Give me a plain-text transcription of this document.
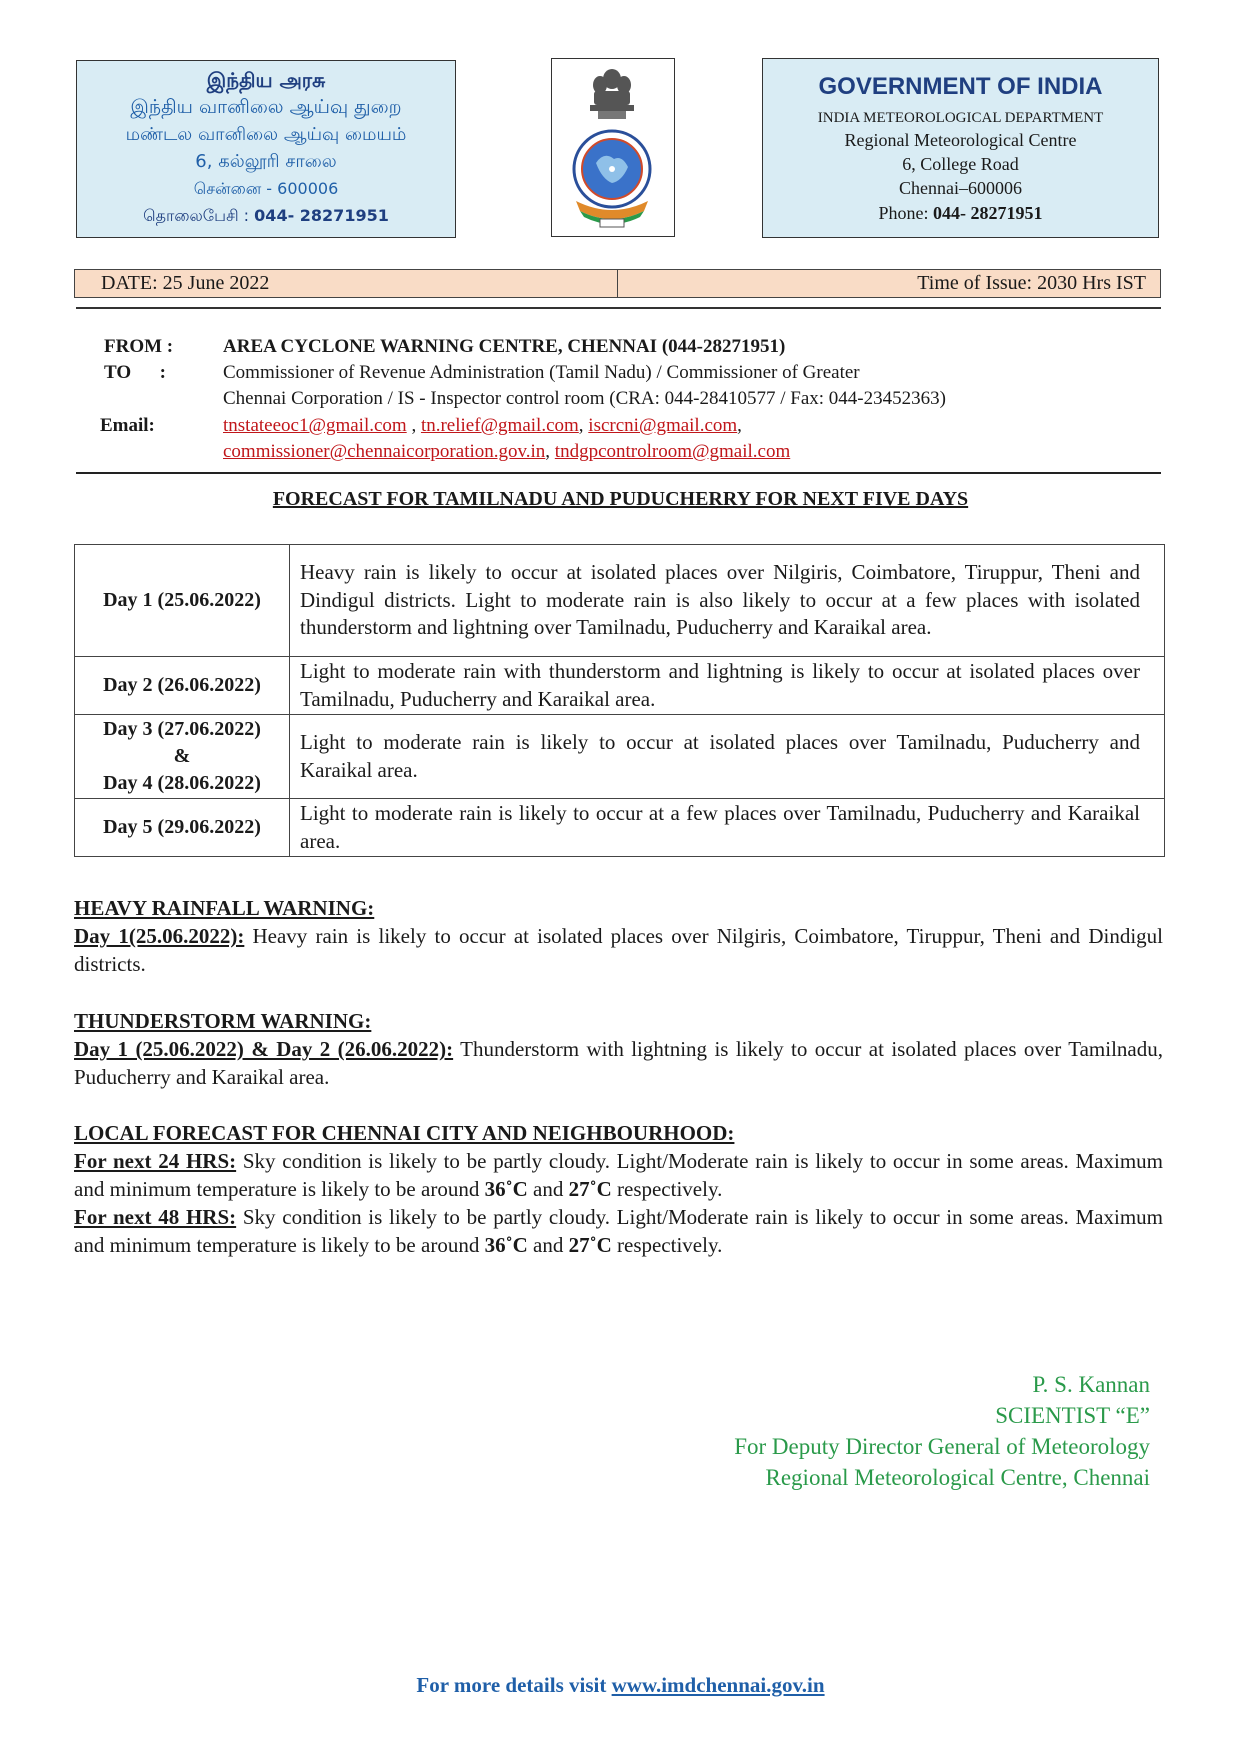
இந்திய அரசு
இந்திய வானிலை ஆய்வு துறை
மண்டல வானிலை ஆய்வு மையம்
6, கல்லூரி சாலை
சென்னை - 600006
தொலைபேசி : 044- 28271951
GOVERNMENT OF INDIA
INDIA METEOROLOGICAL DEPARTMENT
Regional Meteorological Centre
6, College Road
Chennai–600006
Phone: 044- 28271951
DATE: 25 June 2022	Time of Issue: 2030 Hrs IST
FROM :	AREA CYCLONE WARNING CENTRE, CHENNAI (044-28271951)
TO      :	Commissioner of Revenue Administration (Tamil Nadu) / Commissioner of Greater
Chennai Corporation / IS - Inspector control room (CRA: 044-28410577 / Fax: 044-23452363)
Email:	tnstateeoc1@gmail.com , tn.relief@gmail.com, iscrcni@gmail.com,
commissioner@chennaicorporation.gov.in, tndgpcontrolroom@gmail.com
FORECAST FOR TAMILNADU AND PUDUCHERRY FOR NEXT FIVE DAYS
Day 1 (25.06.2022)	Heavy rain is likely to occur at isolated places over Nilgiris, Coimbatore, Tiruppur, Theni and Dindigul districts. Light to moderate rain is also likely to occur at a few places with isolated thunderstorm and lightning over Tamilnadu, Puducherry and Karaikal area.
Day 2 (26.06.2022)	Light to moderate rain with thunderstorm and lightning is likely to occur at isolated places over Tamilnadu, Puducherry and Karaikal area.

Day 3 (27.06.2022)
&
Day 4 (28.06.2022)	Light to moderate rain is likely to occur at isolated places over Tamilnadu, Puducherry and Karaikal area.
Day 5 (29.06.2022)	Light to moderate rain is likely to occur at a few places over Tamilnadu, Puducherry and Karaikal area.
HEAVY RAINFALL WARNING:
Day 1(25.06.2022): Heavy rain is likely to occur at isolated places over Nilgiris, Coimbatore, Tiruppur, Theni and Dindigul districts.
THUNDERSTORM WARNING:
Day 1 (25.06.2022) & Day 2 (26.06.2022): Thunderstorm with lightning is likely to occur at isolated places over Tamilnadu, Puducherry and Karaikal area.
LOCAL FORECAST FOR CHENNAI CITY AND NEIGHBOURHOOD:
For next 24 HRS: Sky condition is likely to be partly cloudy. Light/Moderate rain is likely to occur in some areas. Maximum and minimum temperature is likely to be around 36˚C and 27˚C respectively.
For next 48 HRS: Sky condition is likely to be partly cloudy. Light/Moderate rain is likely to occur in some areas. Maximum and minimum temperature is likely to be around 36˚C and 27˚C respectively.
P. S. Kannan
SCIENTIST “E”
For Deputy Director General of Meteorology
Regional Meteorological Centre, Chennai
For more details visit www.imdchennai.gov.in
